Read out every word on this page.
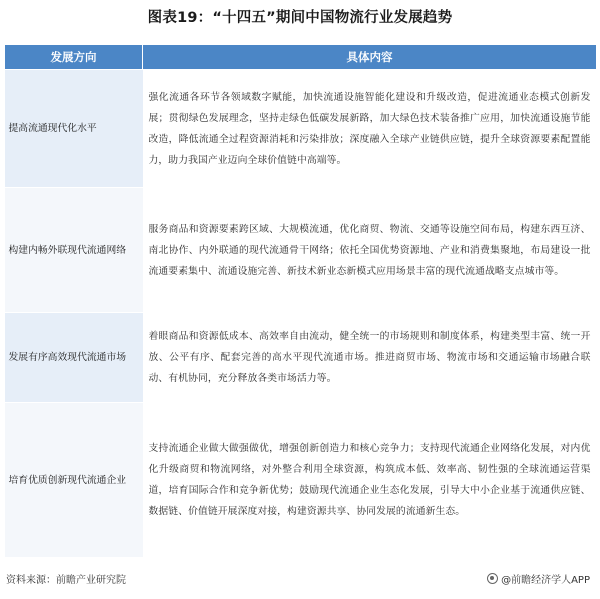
图表19：“十四五”期间中国物流行业发展趋势
发展方向	具体内容
提高流通现代化水平	强化流通各环节各领域数字赋能，加快流通设施智能化建设和升级改造，促进流通业态模式创新发展；贯彻绿色发展理念，坚持走绿色低碳发展新路，加大绿色技术装备推广应用，加快流通设施节能改造，降低流通全过程资源消耗和污染排放；深度融入全球产业链供应链，提升全球资源要素配置能力，助力我国产业迈向全球价值链中高端等。
构建内畅外联现代流通网络	服务商品和资源要素跨区域、大规模流通，优化商贸、物流、交通等设施空间布局，构建东西互济、南北协作、内外联通的现代流通骨干网络；依托全国优势资源地、产业和消费集聚地，布局建设一批流通要素集中、流通设施完善、新技术新业态新模式应用场景丰富的现代流通战略支点城市等。
发展有序高效现代流通市场	着眼商品和资源低成本、高效率自由流动，健全统一的市场规则和制度体系，构建类型丰富、统一开放、公平有序、配套完善的高水平现代流通市场。推进商贸市场、物流市场和交通运输市场融合联动、有机协同，充分释放各类市场活力等。
培育优质创新现代流通企业	支持流通企业做大做强做优，增强创新创造力和核心竞争力；支持现代流通企业网络化发展，对内优化升级商贸和物流网络，对外整合利用全球资源，构筑成本低、效率高、韧性强的全球流通运营渠道，培育国际合作和竞争新优势；鼓励现代流通企业生态化发展，引导大中小企业基于流通供应链、数据链、价值链开展深度对接，构建资源共享、协同发展的流通新生态。
资料来源：前瞻产业研究院	@前瞻经济学人APP
